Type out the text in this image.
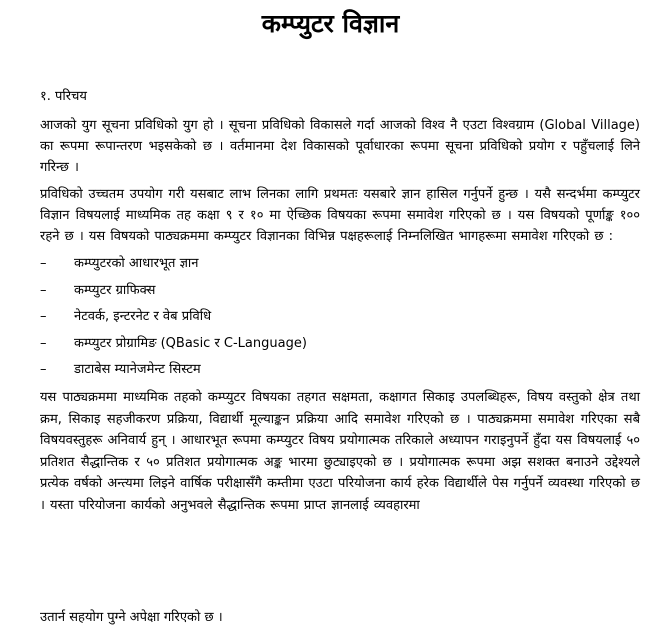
कम्प्युटर विज्ञान
१. परिचय

आजको युग सूचना प्रविधिको युग हो । सूचना प्रविधिको विकासले गर्दा आजको विश्व नै एउटा विश्वग्राम (Global Village) का रूपमा रूपान्तरण भइसकेको छ । वर्तमानमा देश विकासको पूर्वाधारका रूपमा सूचना प्रविधिको प्रयोग र पहुँचलाई लिने गरिन्छ ।

प्रविधिको उच्चतम उपयोग गरी यसबाट लाभ लिनका लागि प्रथमतः यसबारे ज्ञान हासिल गर्नुपर्ने हुन्छ । यसै सन्दर्भमा कम्प्युटर विज्ञान विषयलाई माध्यमिक तह कक्षा ९ र १० मा ऐच्छिक विषयका रूपमा समावेश गरिएको छ । यस विषयको पूर्णाङ्क १०० रहने छ । यस विषयको पाठ्यक्रममा कम्प्युटर विज्ञानका विभिन्न पक्षहरूलाई निम्नलिखित भागहरूमा समावेश गरिएको छ :

–	कम्प्युटरको आधारभूत ज्ञान
–	कम्प्युटर ग्राफिक्स
–	नेटवर्क, इन्टरनेट र वेब प्रविधि
–	कम्प्युटर प्रोग्रामिङ (QBasic र C-Language)
–	डाटाबेस म्यानेजमेन्ट सिस्टम

यस पाठ्यक्रममा माध्यमिक तहको कम्प्युटर विषयका तहगत सक्षमता, कक्षागत सिकाइ उपलब्धिहरू, विषय वस्तुको क्षेत्र तथा क्रम, सिकाइ सहजीकरण प्रक्रिया, विद्यार्थी मूल्याङ्कन प्रक्रिया आदि समावेश गरिएको छ । पाठ्यक्रममा समावेश गरिएका सबै विषयवस्तुहरू अनिवार्य हुन् । आधारभूत रूपमा कम्प्युटर विषय प्रयोगात्मक तरिकाले अध्यापन गराइनुपर्ने हुँदा यस विषयलाई ५० प्रतिशत सैद्धान्तिक र ५० प्रतिशत प्रयोगात्मक अङ्क भारमा छुट्याइएको छ । प्रयोगात्मक रूपमा अझ सशक्त बनाउने उद्देश्यले प्रत्येक वर्षको अन्त्यमा लिइने वार्षिक परीक्षासँगै कम्तीमा एउटा परियोजना कार्य हरेक विद्यार्थीले पेस गर्नुपर्ने व्यवस्था गरिएको छ । यस्ता परियोजना कार्यको अनुभवले सैद्धान्तिक रूपमा प्राप्त ज्ञानलाई व्यवहारमा

उतार्न सहयोग पुग्ने अपेक्षा गरिएको छ ।
